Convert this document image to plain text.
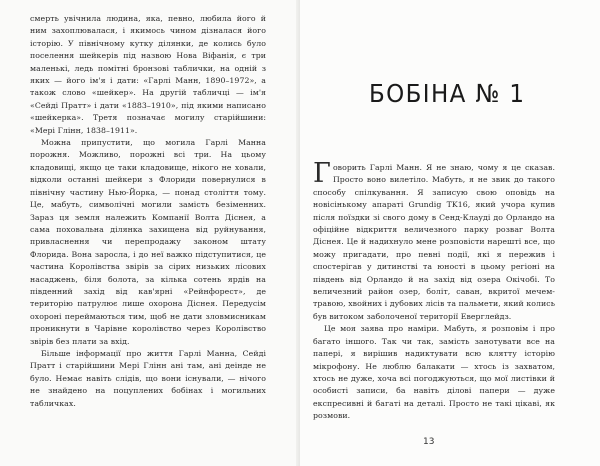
смерть увічнила людина, яка, певно, любила його й ним захоплювалася, і якимось чином дізналася його історію. У північному кутку ділянки, де колись було поселення шейкерів під назвою Нова Віфанія, є три маленькі, ледь помітні бронзові таблички, на одній з яких — його ім'я і дати: «Гарлі Манн, 1890–1972», а також слово «шейкер». На другій табличці — ім'я «Сейді Пратт» і дати «1883–1910», під якими написано «шейкерка». Третя позначає могилу старійшини: «Мері Глінн, 1838–1911».

Можна припустити, що могила Гарлі Манна порожня. Можливо, порожні всі три. На цьому кладовищі, якщо це таки кладовище, нікого не ховали, відколи останні шейкери з Флориди повернулися в північну частину Нью-Йорка, — понад століття тому. Це, мабуть, символічні могили замість безіменних. Зараз ця земля належить Компанії Волта Діснея, а сама поховальна ділянка захищена від руйнування, привласнення чи перепродажу законом штату Флорида. Вона заросла, і до неї важко підступитися, це частина Королівства звірів за сірих низьких лісових насаджень, біля болота, за кілька сотень ярдів на південний захід від кав'ярні «Рейнфорест», де територію патрулює лише охорона Діснея. Передусім охороні переймаються тим, щоб не дати зловмисникам проникнути в Чарівне королівство через Королівство звірів без плати за вхід.

Більше інформації про життя Гарлі Манна, Сейді Пратт і старійшини Мері Глінн ані там, ані деінде не було. Немає навіть слідів, що вони існували, — нічого не знайдено на поцуплених бобінах і могильних табличках.

БОБІНА № 1

Говорить Гарлі Манн. Я не знаю, чому я це сказав. Просто воно вилетіло. Мабуть, я не звик до такого способу спілкування. Я записую свою оповідь на новісінькому апараті Grundig TK16, який учора купив після поїздки зі свого дому в Сенд-Клауді до Орландо на офіційне відкриття величезного парку розваг Волта Діснея. Це й надихнуло мене розповісти нарешті все, що можу пригадати, про певні події, які я пережив і спостерігав у дитинстві та юності в цьому регіоні на південь від Орландо й на захід від озера Окічобі. То величезний район озер, боліт, саван, вкритої мечем-травою, хвойних і дубових лісів та пальмети, який колись був витоком заболоченої території Еверглейдз.

Це моя заява про наміри. Мабуть, я розповім і про багато іншого. Так чи так, замість занотувати все на папері, я вирішив надиктувати всю клятту історію мікрофону. Не люблю балакати — хтось із захватом, хтось не дуже, хоча всі погоджуються, що мої листівки й особисті записи, ба навіть ділові папери — дуже експресивні й багаті на деталі. Просто не такі цікаві, як розмови.

13
